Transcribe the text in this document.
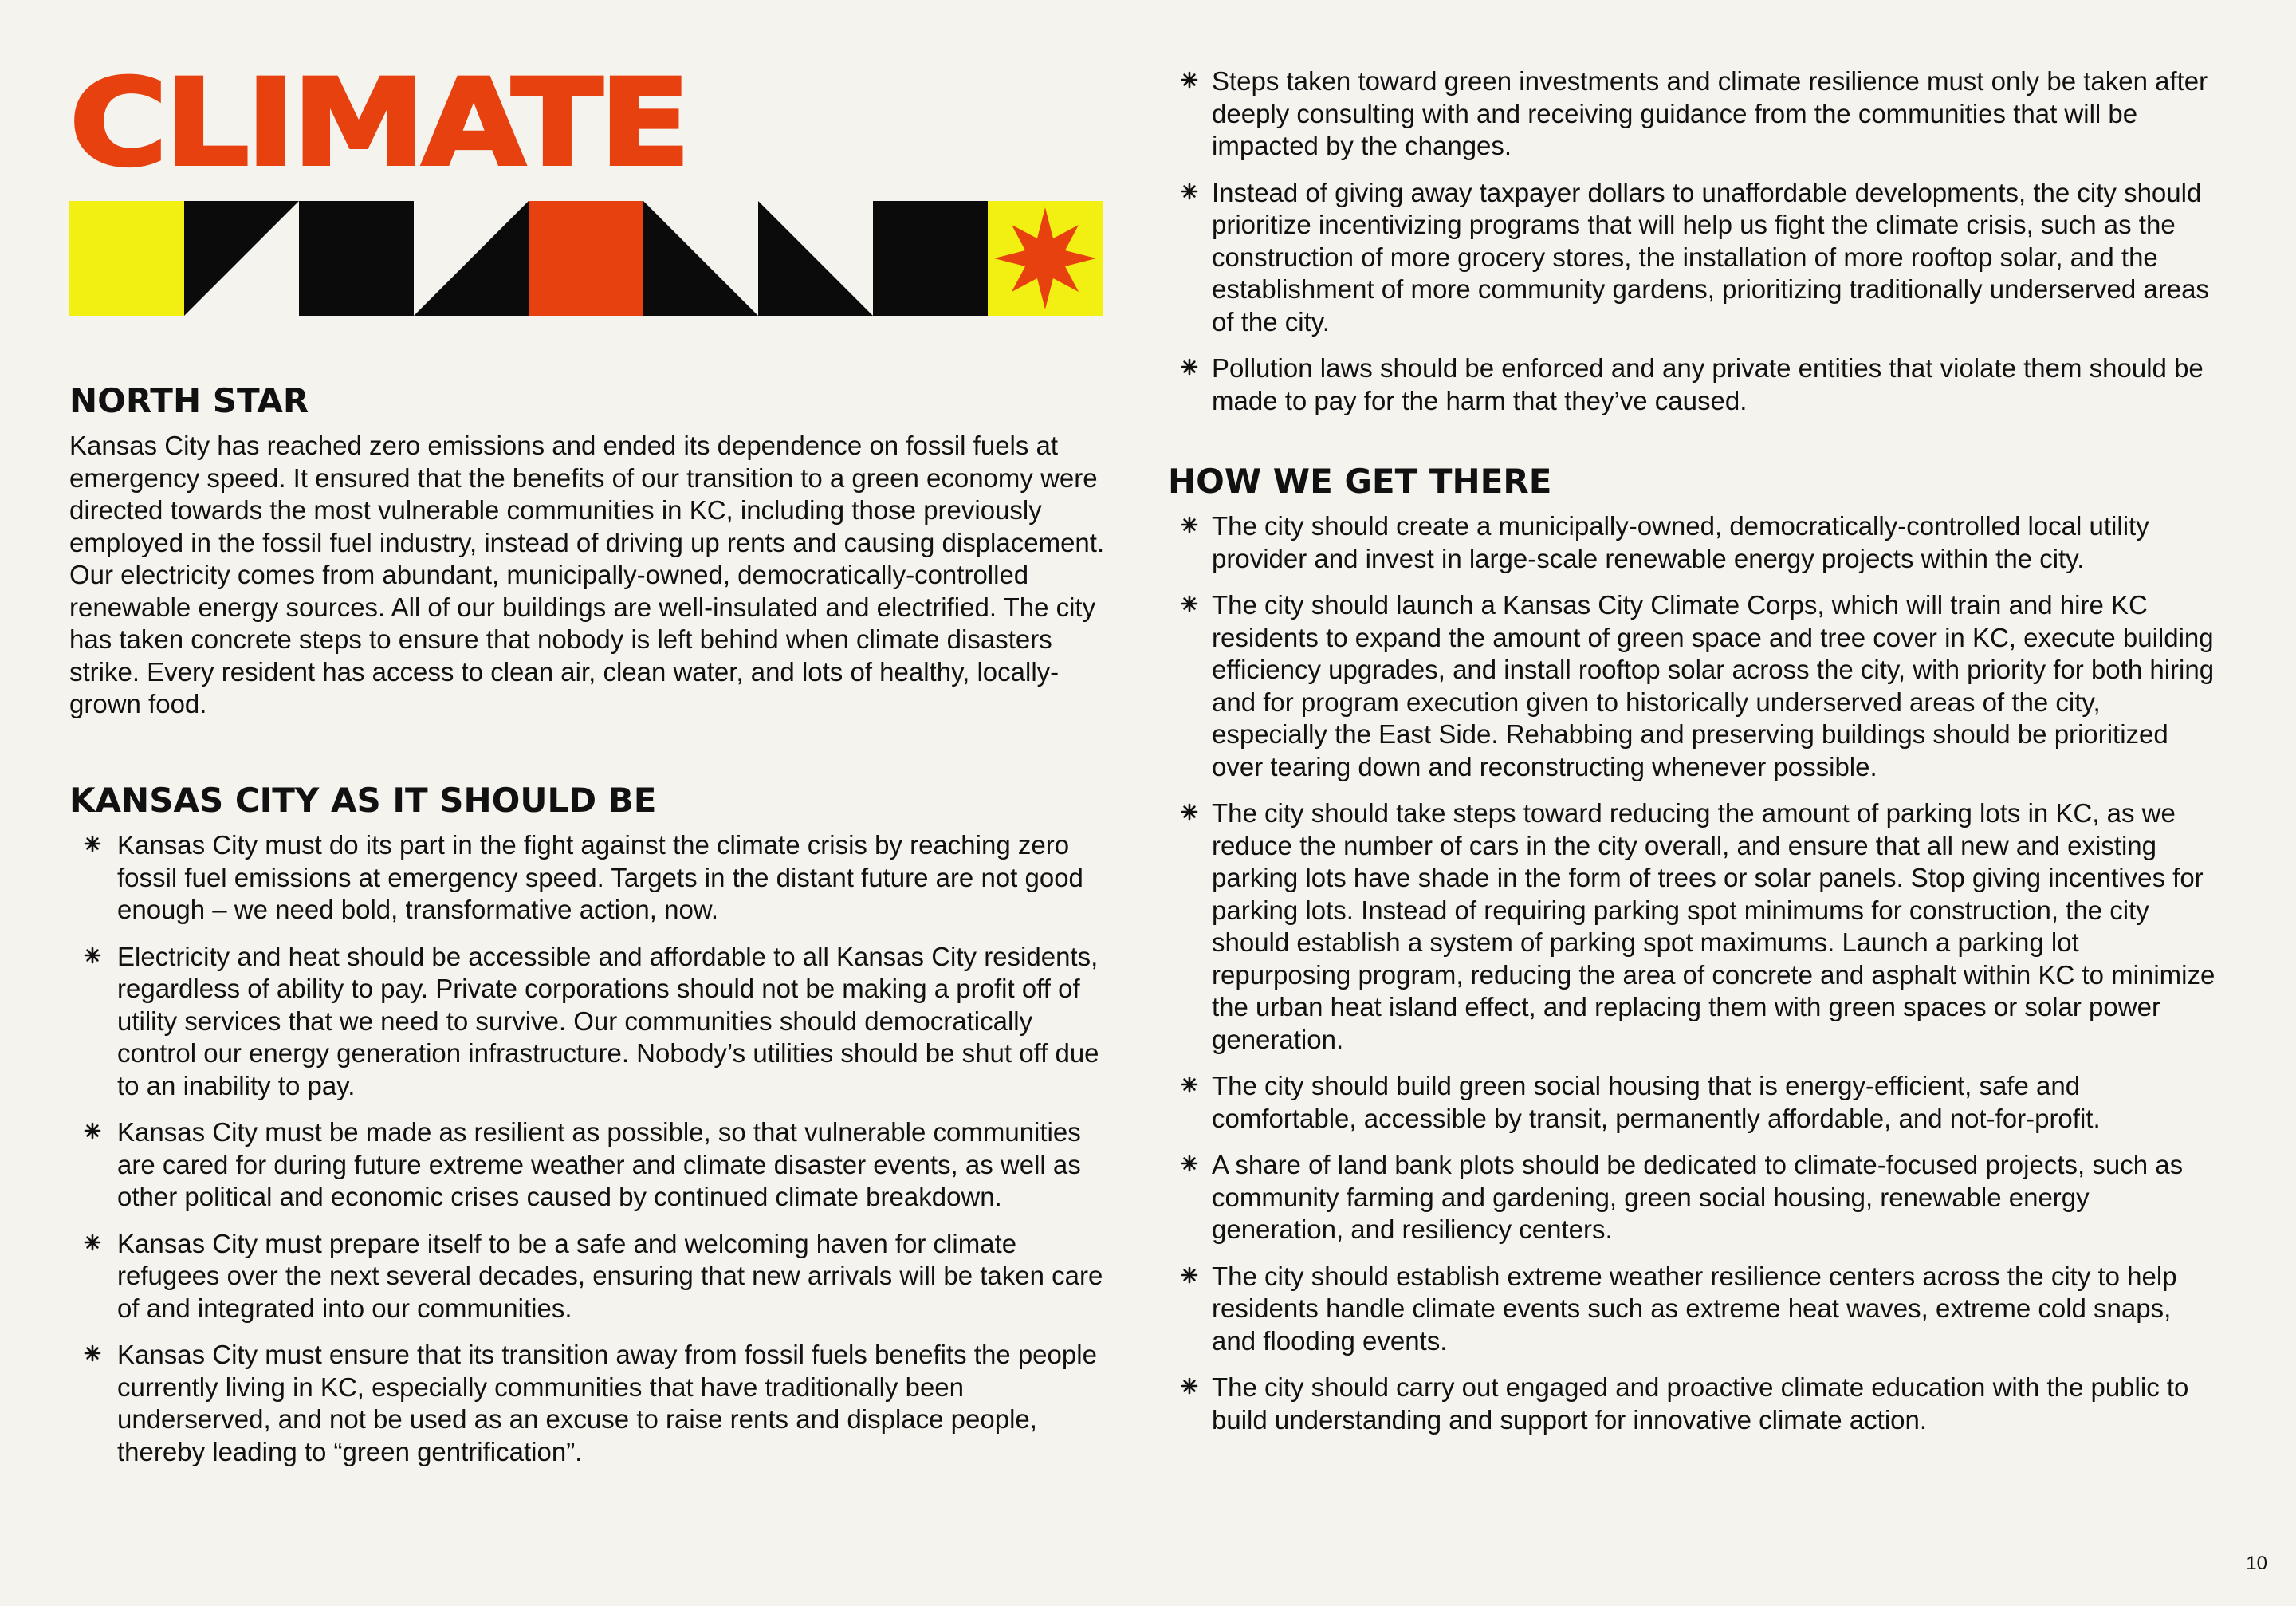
CLIMATE
NORTH STAR

Kansas City has reached zero emissions and ended its dependence on fossil fuels at emergency speed. It ensured that the benefits of our transition to a green economy were directed towards the most vulnerable communities in KC, including those previously employed in the fossil fuel industry, instead of driving up rents and causing displacement. Our electricity comes from abundant, municipally-owned, democratically-controlled renewable energy sources. All of our buildings are well-insulated and electrified. The city has taken concrete steps to ensure that nobody is left behind when climate disasters strike. Every resident has access to clean air, clean water, and lots of healthy, locally-grown food.

KANSAS CITY AS IT SHOULD BE
Kansas City must do its part in the fight against the climate crisis by reaching zero fossil fuel emissions at emergency speed. Targets in the distant future are not good enough – we need bold, transformative action, now.
Electricity and heat should be accessible and affordable to all Kansas City residents, regardless of ability to pay. Private corporations should not be making a profit off of utility services that we need to survive. Our communities should democratically control our energy generation infrastructure. Nobody’s utilities should be shut off due to an inability to pay.
Kansas City must be made as resilient as possible, so that vulnerable communities are cared for during future extreme weather and climate disaster events, as well as other political and economic crises caused by continued climate breakdown.
Kansas City must prepare itself to be a safe and welcoming haven for climate refugees over the next several decades, ensuring that new arrivals will be taken care of and integrated into our communities.
Kansas City must ensure that its transition away from fossil fuels benefits the people currently living in KC, especially communities that have traditionally been underserved, and not be used as an excuse to raise rents and displace people, thereby leading to “green gentrification”.
Steps taken toward green investments and climate resilience must only be taken after deeply consulting with and receiving guidance from the communities that will be impacted by the changes.
Instead of giving away taxpayer dollars to unaffordable developments, the city should prioritize incentivizing programs that will help us fight the climate crisis, such as the construction of more grocery stores, the installation of more rooftop solar, and the establishment of more community gardens, prioritizing traditionally underserved areas of the city.
Pollution laws should be enforced and any private entities that violate them should be made to pay for the harm that they’ve caused.
HOW WE GET THERE
The city should create a municipally-owned, democratically-controlled local utility provider and invest in large-scale renewable energy projects within the city.
The city should launch a Kansas City Climate Corps, which will train and hire KC residents to expand the amount of green space and tree cover in KC, execute building efficiency upgrades, and install rooftop solar across the city, with priority for both hiring and for program execution given to historically underserved areas of the city, especially the East Side. Rehabbing and preserving buildings should be prioritized over tearing down and reconstructing whenever possible.
The city should take steps toward reducing the amount of parking lots in KC, as we reduce the number of cars in the city overall, and ensure that all new and existing parking lots have shade in the form of trees or solar panels. Stop giving incentives for parking lots. Instead of requiring parking spot minimums for construction, the city should establish a system of parking spot maximums. Launch a parking lot repurposing program, reducing the area of concrete and asphalt within KC to minimize the urban heat island effect, and replacing them with green spaces or solar power generation.
The city should build green social housing that is energy-efficient, safe and comfortable, accessible by transit, permanently affordable, and not-for-profit.
A share of land bank plots should be dedicated to climate-focused projects, such as community farming and gardening, green social housing, renewable energy generation, and resiliency centers.
The city should establish extreme weather resilience centers across the city to help residents handle climate events such as extreme heat waves, extreme cold snaps, and flooding events.
The city should carry out engaged and proactive climate education with the public to build understanding and support for innovative climate action.
10
